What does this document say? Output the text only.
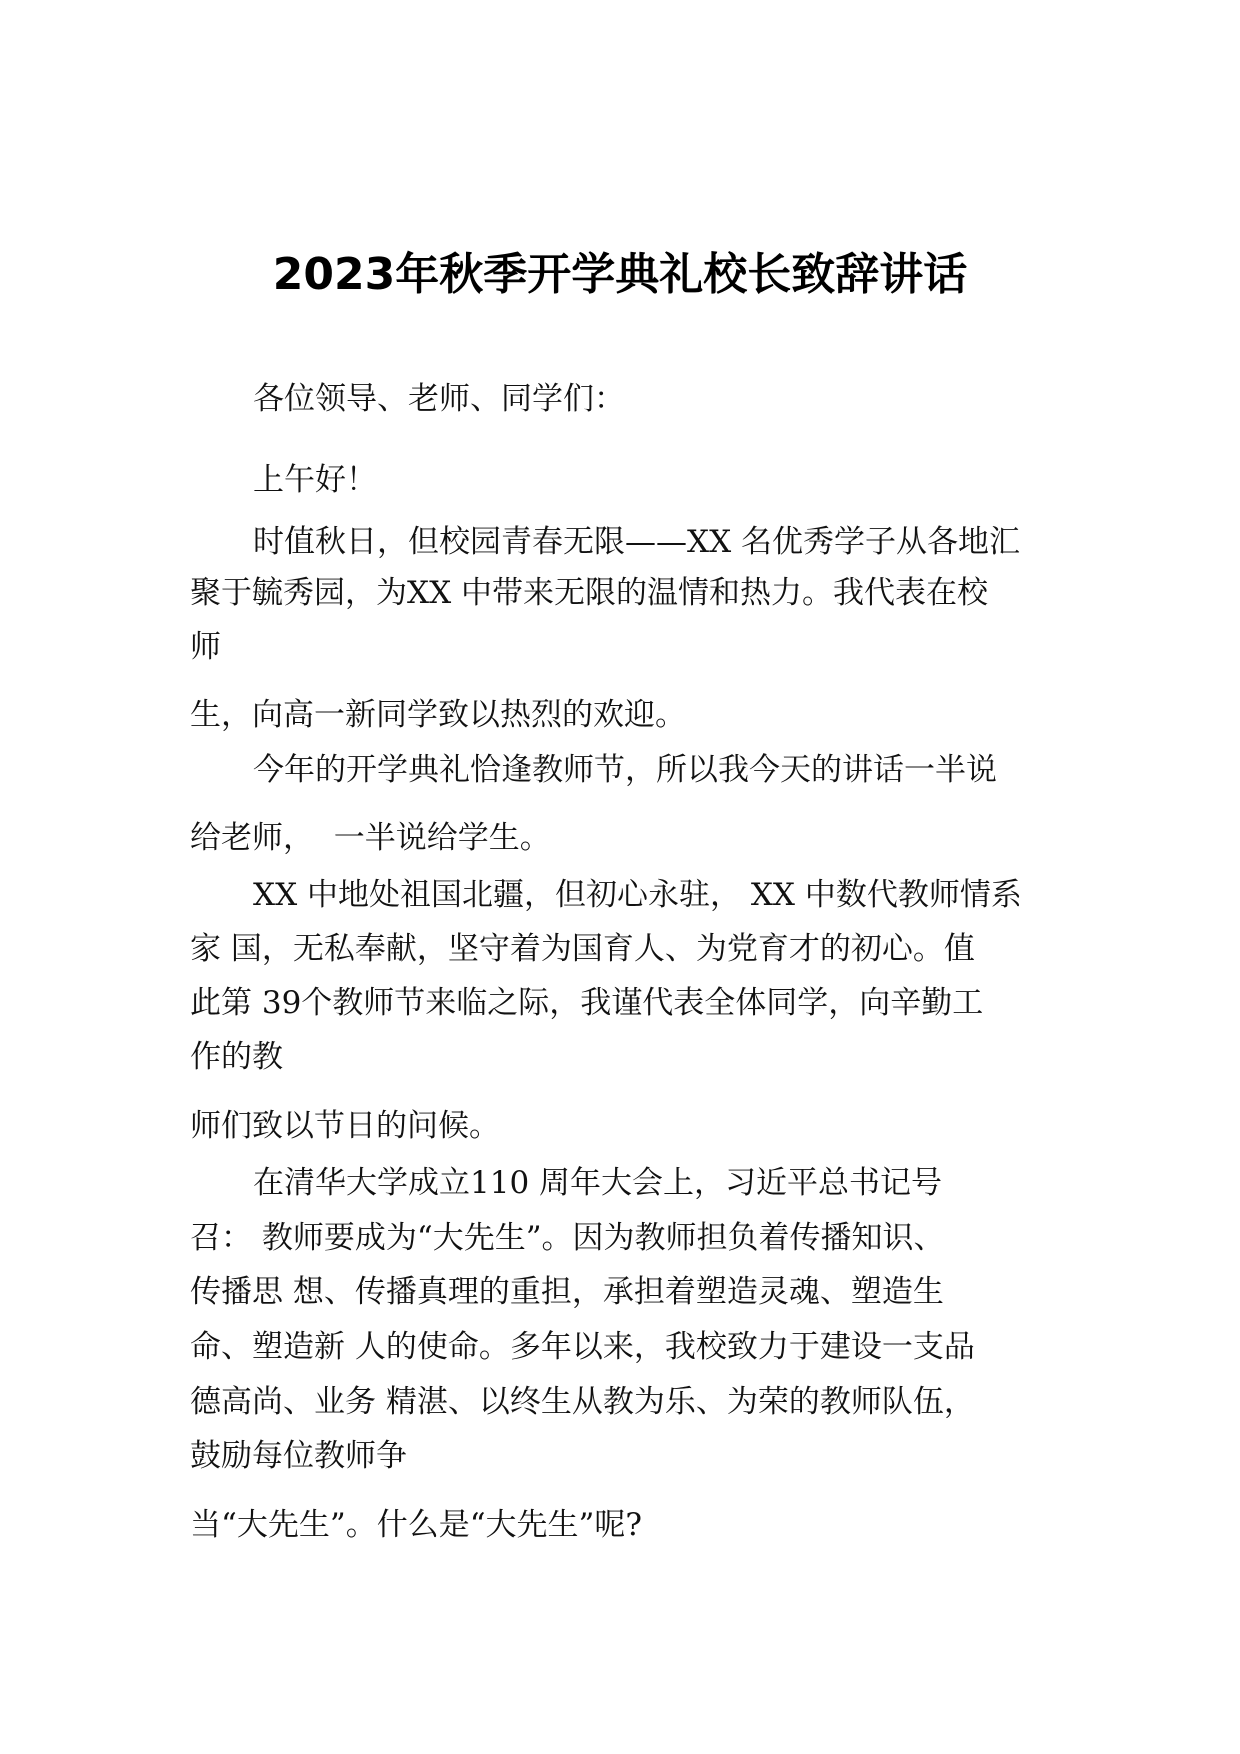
2023年秋季开学典礼校长致辞讲话
各位领导、老师、同学们：
上午好！
时值秋日，但校园青春无限——XX 名优秀学子从各地汇
聚于毓秀园，为XX 中带来无限的温情和热力。我代表在校
师
生，向高一新同学致以热烈的欢迎。
今年的开学典礼恰逢教师节，所以我今天的讲话一半说
给老师，  一半说给学生。
XX 中地处祖国北疆，但初心永驻， XX 中数代教师情系
家 国，无私奉献，坚守着为国育人、为党育才的初心。值
此第 39个教师节来临之际，我谨代表全体同学，向辛勤工
作的教
师们致以节日的问候。
在清华大学成立110 周年大会上，习近平总书记号
召： 教师要成为“大先生”。因为教师担负着传播知识、
传播思 想、传播真理的重担，承担着塑造灵魂、塑造生
命、塑造新 人的使命。多年以来，我校致力于建设一支品
德高尚、业务 精湛、以终生从教为乐、为荣的教师队伍，
鼓励每位教师争
当“大先生”。什么是“大先生”呢?
